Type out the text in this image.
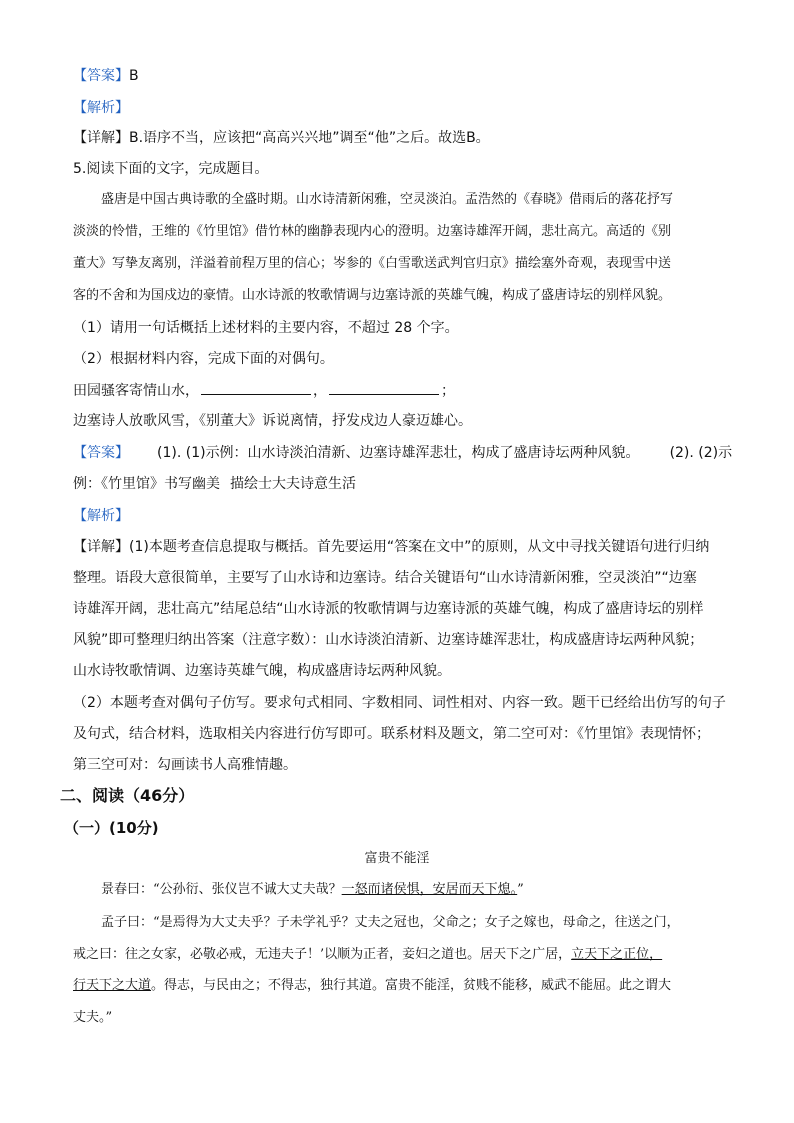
【答案】B
【解析】
【详解】B.语序不当，应该把“高高兴兴地”调至“他”之后。故选B。
5.阅读下面的文字，完成题目。
盛唐是中国古典诗歌的全盛时期。山水诗清新闲雅，空灵淡泊。孟浩然的《春晓》借雨后的落花抒写
淡淡的怜惜，王维的《竹里馆》借竹林的幽静表现内心的澄明。边塞诗雄浑开阔，悲壮高亢。高适的《别
董大》写挚友离别，洋溢着前程万里的信心；岑参的《白雪歌送武判官归京》描绘塞外奇观，表现雪中送
客的不舍和为国戍边的豪情。山水诗派的牧歌情调与边塞诗派的英雄气魄，构成了盛唐诗坛的别样风貌。
（1）请用一句话概括上述材料的主要内容，不超过 28 个字。
（2）根据材料内容，完成下面的对偶句。
田园骚客寄情山水，	，	；
边塞诗人放歌风雪，《别董大》诉说离情，抒发戍边人豪迈雄心。
【答案】 (1). (1)示例：山水诗淡泊清新、边塞诗雄浑悲壮，构成了盛唐诗坛两种风貌。 (2). (2)示
例：《竹里馆》书写幽美 描绘士大夫诗意生活
【解析】
【详解】(1)本题考查信息提取与概括。首先要运用“答案在文中”的原则，从文中寻找关键语句进行归纳
整理。语段大意很简单，主要写了山水诗和边塞诗。结合关键语句“山水诗清新闲雅，空灵淡泊”“边塞
诗雄浑开阔，悲壮高亢”结尾总结“山水诗派的牧歌情调与边塞诗派的英雄气魄，构成了盛唐诗坛的别样
风貌”即可整理归纳出答案（注意字数）：山水诗淡泊清新、边塞诗雄浑悲壮，构成盛唐诗坛两种风貌；
山水诗牧歌情调、边塞诗英雄气魄，构成盛唐诗坛两种风貌。
（2）本题考查对偶句子仿写。要求句式相同、字数相同、词性相对、内容一致。题干已经给出仿写的句子
及句式，结合材料，选取相关内容进行仿写即可。联系材料及题文，第二空可对：《竹里馆》表现情怀；
第三空可对：勾画读书人高雅情趣。
二、阅读（46分）
（一）(10分)
富贵不能淫
景春曰：“公孙衍、张仪岂不诚大丈夫哉？一怒而诸侯惧，安居而天下熄。”
孟子曰：“是焉得为大丈夫乎？子未学礼乎？丈夫之冠也，父命之；女子之嫁也，母命之，往送之门，
戒之曰：往之女家，必敬必戒，无违夫子！’以顺为正者，妾妇之道也。居天下之广居，立天下之正位，
行天下之大道。得志，与民由之；不得志，独行其道。富贵不能淫，贫贱不能移，威武不能屈。此之谓大
丈夫。”
